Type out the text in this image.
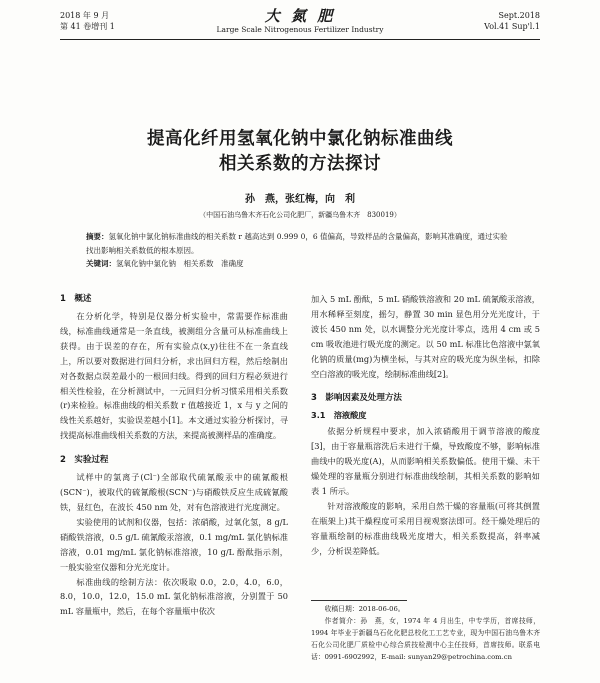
2018 年 9 月
第 41 卷增刊 1
大 氮 肥
Large Scale Nitrogenous Fertilizer Industry
Sept.2018
Vol.41 Sup'l.1
提高化纤用氢氧化钠中氯化钠标准曲线
相关系数的方法探讨
孙　燕，张红梅，向　利
（中国石油乌鲁木齐石化公司化肥厂，新疆乌鲁木齐　830019）
摘要：氢氧化钠中氯化钠标准曲线的相关系数 r 越高达到 0.999 0，6 值偏高，导致样品的含量偏高，影响其准确度，通过实验找出影响相关系数低的根本原因。
关键词：氢氧化钠中氯化钠　相关系数　准确度
1　概述

在分析化学，特别是仪器分析实验中，常需要作标准曲线，标准曲线通常是一条直线，被测组分含量可从标准曲线上获得。由于误差的存在，所有实验点(x,y)往往不在一条直线上，所以要对数据进行回归分析，求出回归方程，然后绘制出对各数据点误差最小的一根回归线。得到的回归方程必须进行相关性检验，在分析测试中，一元回归分析习惯采用相关系数(r)来检验。标准曲线的相关系数 r 值越接近 1，x 与 y 之间的线性关系越好，实验误差越小[1]。本文通过实验分析探讨，寻找提高标准曲线相关系数的方法，来提高被测样品的准确度。

2　实验过程

试样中的氯离子(Cl⁻)全部取代硫氰酸汞中的硫氰酸根(SCN⁻)，被取代的硫氰酸根(SCN⁻)与硝酸铁反应生成硫氰酸铁，显红色，在波长 450 nm 处，对有色溶液进行光度测定。

实验使用的试剂和仪器，包括：浓硝酸，过氧化氢，8 g/L 硝酸铁溶液，0.5 g/L 硫氰酸汞溶液，0.1 mg/mL 氯化钠标准溶液，0.01 mg/mL 氯化钠标准溶液，10 g/L 酚酞指示剂，一般实验室仪器和分光光度计。

标准曲线的绘制方法：依次吸取 0.0，2.0，4.0，6.0，8.0，10.0，12.0，15.0 mL 氯化钠标准溶液，分别置于 50 mL 容量瓶中，然后，在每个容量瓶中依次

加入 5 mL 酚酞，5 mL 硝酸铁溶液和 20 mL 硫氰酸汞溶液，用水稀释至刻度，摇匀，静置 30 min 显色用分光光度计，于波长 450 nm 处，以水调整分光光度计零点，选用 4 cm 或 5 cm 吸收池进行吸光度的测定。以 50 mL 标准比色溶液中氯氧化钠的质量(mg)为横坐标，与其对应的吸光度为纵坐标，扣除空白溶液的吸光度，绘制标准曲线[2]。

3　影响因素及处理方法
3.1　溶液酸度

依据分析规程中要求，加入浓硝酸用于调节溶液的酸度[3]，由于容量瓶溶洗后未进行干燥，导致酸度不够，影响标准曲线中的吸光度(A)，从而影响相关系数偏低。使用干燥、未干燥处理的容量瓶分别进行标准曲线绘制，其相关系数的影响如表 1 所示。

针对溶液酸度的影响，采用自然干燥的容量瓶(可将其倒置在瓶架上)其干燥程度可采用目视观察法即可。经干燥处理后的容量瓶绘制的标准曲线吸光度增大，相关系数提高，斜率减少，分析误差降低。

收稿日期：2018-06-06。

作者简介：孙　燕，女，1974 年 4 月出生，中专学历，首席技师，1994 年毕业于新疆乌石化化肥总校化工工艺专业，现为中国石油乌鲁木齐石化公司化肥厂质检中心综合质技检测中心主任技师，首席技师。联系电话：0991-6902992，E-mail: sunyan29@petrochina.com.cn
